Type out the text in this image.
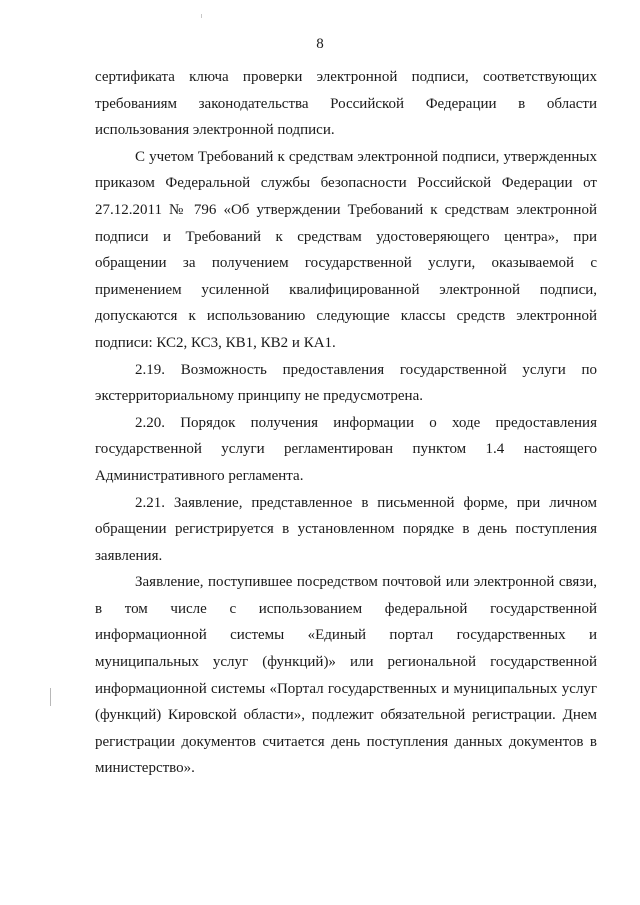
8

сертификата ключа проверки электронной подписи, соответствующих требованиям законодательства Российской Федерации в области использования электронной подписи.

С учетом Требований к средствам электронной подписи, утвержденных приказом Федеральной службы безопасности Российской Федерации от 27.12.2011 № 796 «Об утверждении Требований к средствам электронной подписи и Требований к средствам удостоверяющего центра», при обращении за получением государственной услуги, оказываемой с применением усиленной квалифицированной электронной подписи, допускаются к использованию следующие классы средств электронной подписи: КС2, КС3, КВ1, КВ2 и КА1.

2.19. Возможность предоставления государственной услуги по экстерриториальному принципу не предусмотрена.

2.20. Порядок получения информации о ходе предоставления государственной услуги регламентирован пунктом 1.4 настоящего Административного регламента.

2.21. Заявление, представленное в письменной форме, при личном обращении регистрируется в установленном порядке в день поступления заявления.

Заявление, поступившее посредством почтовой или электронной связи, в том числе с использованием федеральной государственной информационной системы «Единый портал государственных и муниципальных услуг (функций)» или региональной государственной информационной системы «Портал государственных и муниципальных услуг (функций) Кировской области», подлежит обязательной регистрации. Днем регистрации документов считается день поступления данных документов в министерство».
